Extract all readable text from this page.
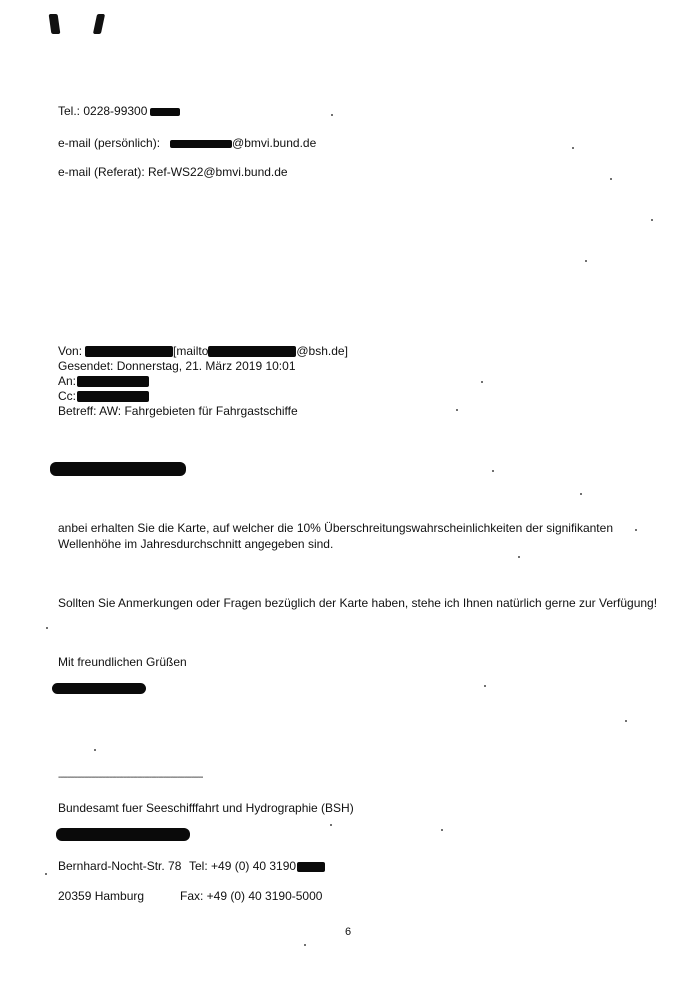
Tel.: 0228-99300
e-mail (persönlich):	@bmvi.bund.de
e-mail (Referat): Ref-WS22@bmvi.bund.de
Von:	[mailto	@bsh.de]
Gesendet: Donnerstag, 21. März 2019 10:01
An:
Cc:
Betreff: AW: Fahrgebieten für Fahrgastschiffe
anbei erhalten Sie die Karte, auf welcher die 10% Überschreitungswahrscheinlichkeiten der signifikanten
Wellenhöhe im Jahresdurchschnitt angegeben sind.
Sollten Sie Anmerkungen oder Fragen bezüglich der Karte haben, stehe ich Ihnen natürlich gerne zur Verfügung!
Mit freundlichen Grüßen
--------------------------------------------------------------
Bundesamt fuer Seeschifffahrt und Hydrographie (BSH)
Bernhard-Nocht-Str. 78 Tel: +49 (0) 40 3190
20359 Hamburg	Fax: +49 (0) 40 3190-5000
6
